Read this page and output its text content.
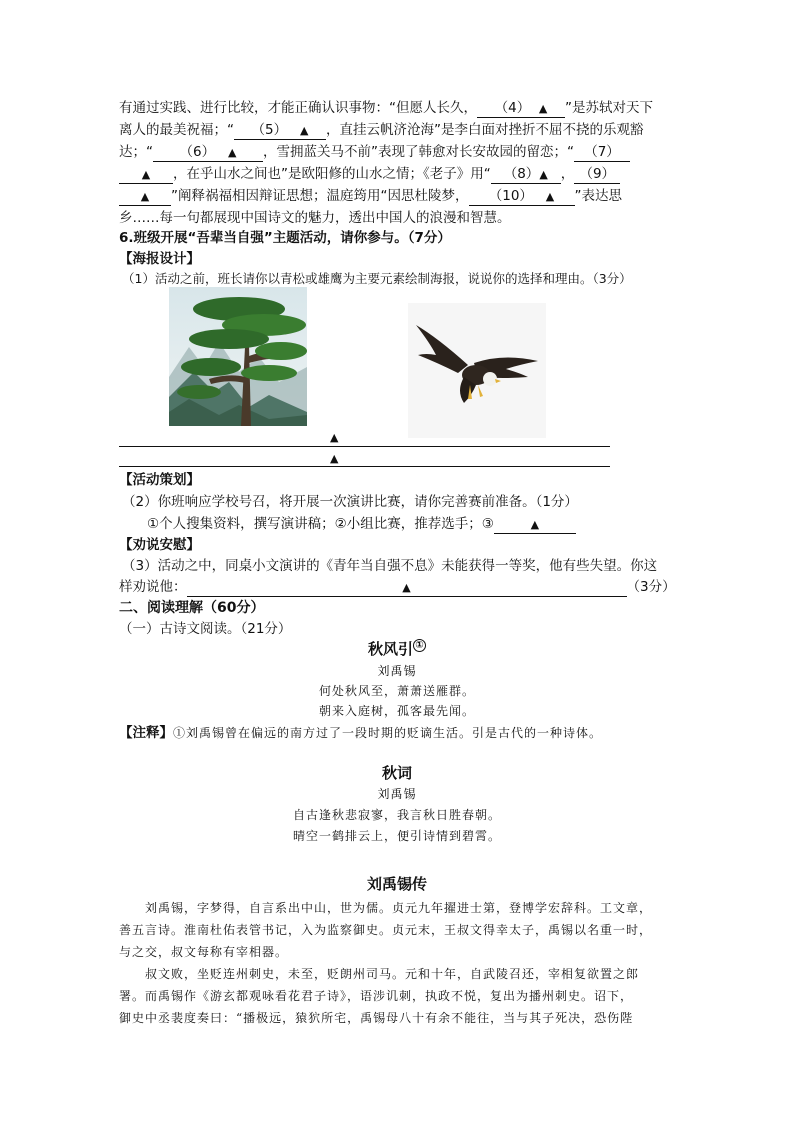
有通过实践、进行比较，才能正确认识事物：“但愿人长久， （4） ▲ ”是苏轼对天下
离人的最美祝福；“ （5） ▲ ，直挂云帆济沧海”是李白面对挫折不屈不挠的乐观豁
达；“ （6） ▲ ，雪拥蓝关马不前”表现了韩愈对长安故园的留恋；“ （7）
▲ ，在乎山水之间也”是欧阳修的山水之情；《老子》用“ （8）▲ ， （9）
▲ ”阐释祸福相因辩证思想；温庭筠用“因思杜陵梦， （10） ▲ ”表达思
乡……每一句都展现中国诗文的魅力，透出中国人的浪漫和智慧。
6.班级开展“吾辈当自强”主题活动，请你参与。（7分）
【海报设计】
（1）活动之前，班长请你以青松或雄鹰为主要元素绘制海报，说说你的选择和理由。（3分）
▲
▲
【活动策划】
（2）你班响应学校号召，将开展一次演讲比赛，请你完善赛前准备。（1分）
①个人搜集资料，撰写演讲稿；②小组比赛，推荐选手；③	▲
【劝说安慰】
（3）活动之中，同桌小文演讲的《青年当自强不息》未能获得一等奖，他有些失望。你这
样劝说他：	▲	（3分）
二、阅读理解（60分）
（一）古诗文阅读。（21分）
秋风引 ①
刘禹锡
何处秋风至，萧萧送雁群。
朝来入庭树，孤客最先闻。
【注释】①刘禹锡曾在偏远的南方过了一段时期的贬谪生活。引是古代的一种诗体。
秋词
刘禹锡
自古逢秋悲寂寥，我言秋日胜春朝。
晴空一鹤排云上，便引诗情到碧霄。
刘禹锡传
刘禹锡，字梦得，自言系出中山，世为儒。贞元九年擢进士第，登博学宏辞科。工文章，
善五言诗。淮南杜佑表管书记，入为监察御史。贞元末，王叔文得幸太子，禹锡以名重一时，
与之交，叔文每称有宰相器。
叔文败，坐贬连州刺史，未至，贬朗州司马。元和十年，自武陵召还，宰相复欲置之郎
署。而禹锡作《游玄都观咏看花君子诗》，语涉讥刺，执政不悦，复出为播州刺史。诏下，
御史中丞裴度奏曰：“播极远，猿狖所宅，禹锡母八十有余不能往，当与其子死决，恐伤陛
